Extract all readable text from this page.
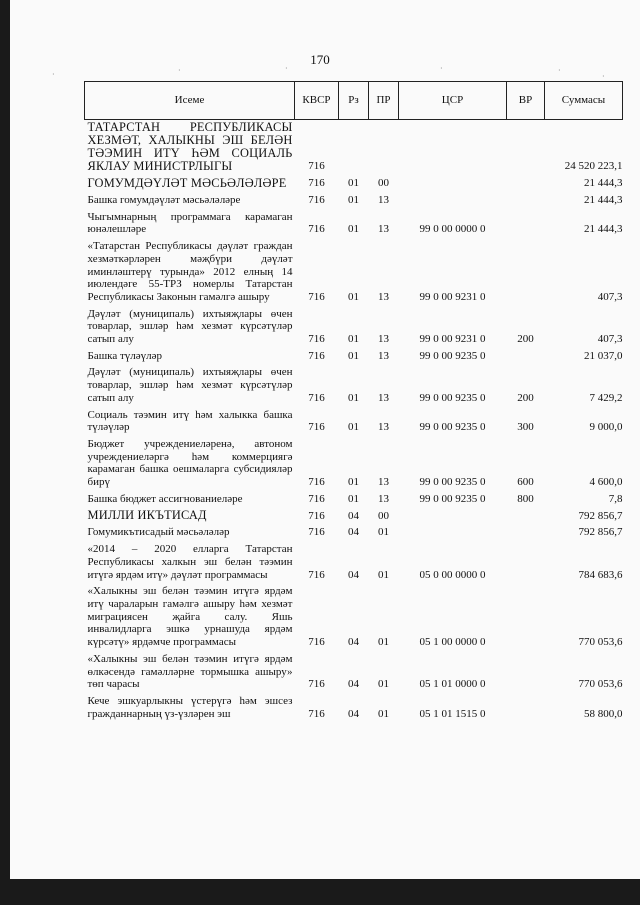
·	·	·	·	·
·
170
Исеме	КВСР	Рз	ПР	ЦСР	ВР	Суммасы
ТАТАРСТАН РЕСПУБЛИКАСЫ ХЕЗМӘТ, ХАЛЫКНЫ ЭШ БЕЛӘН ТӘЭМИН ИТҮ ҺӘМ СОЦИАЛЬ ЯКЛАУ МИНИСТРЛЫГЫ	716					24 520 223,1
ГОМУМДӘҮЛӘТ МӘСЬӘЛӘЛӘРЕ	716	01	00			21 444,3
Башка гомумдәүләт мәсьәләләре	716	01	13			21 444,3
Чыгымнарның программага карамаган юнәлешләре	716	01	13	99 0 00 0000 0		21 444,3
«Татарстан Республикасы дәүләт граждан хезмәткәрләрен мәҗбүри дәүләт иминләштерү турында» 2012 елның 14 июлендәге 55-ТРЗ номерлы Татарстан Республикасы Законын гамәлгә ашыру	716	01	13	99 0 00 9231 0		407,3
Дәүләт (муниципаль) ихтыяҗлары өчен товарлар, эшләр һәм хезмәт күрсәтүләр сатып алу	716	01	13	99 0 00 9231 0	200	407,3
Башка түләүләр	716	01	13	99 0 00 9235 0		21 037,0
Дәүләт (муниципаль) ихтыяҗлары өчен товарлар, эшләр һәм хезмәт күрсәтүләр сатып алу	716	01	13	99 0 00 9235 0	200	7 429,2
Социаль тәэмин итү һәм халыкка башка түләүләр	716	01	13	99 0 00 9235 0	300	9 000,0
Бюджет учреждениеләренә, автоном учреждениеләргә һәм коммерциягә карамаган башка оешмаларга субсидияләр бирү	716	01	13	99 0 00 9235 0	600	4 600,0
Башка бюджет ассигнованиеләре	716	01	13	99 0 00 9235 0	800	7,8
МИЛЛИ ИКЪТИСАД	716	04	00			792 856,7
Гомумикътисадый мәсьәләләр	716	04	01			792 856,7
«2014 – 2020 елларга Татарстан Республикасы халкын эш белән тәэмин итүгә ярдәм итү» дәүләт программасы	716	04	01	05 0 00 0000 0		784 683,6
«Халыкны эш белән тәэмин итүгә ярдәм итү чараларын гамәлгә ашыру һәм хезмәт миграциясен җайга салу. Яшь инвалидларга эшкә урнашуда ярдәм күрсәтү» ярдәмче программасы	716	04	01	05 1 00 0000 0		770 053,6
«Халыкны эш белән тәэмин итүгә ярдәм өлкәсендә гамәлләрне тормышка ашыру» төп чарасы	716	04	01	05 1 01 0000 0		770 053,6
Кече эшкуарлыкны үстерүгә һәм эшсез гражданнарның үз-үзләрен эш	716	04	01	05 1 01 1515 0		58 800,0
